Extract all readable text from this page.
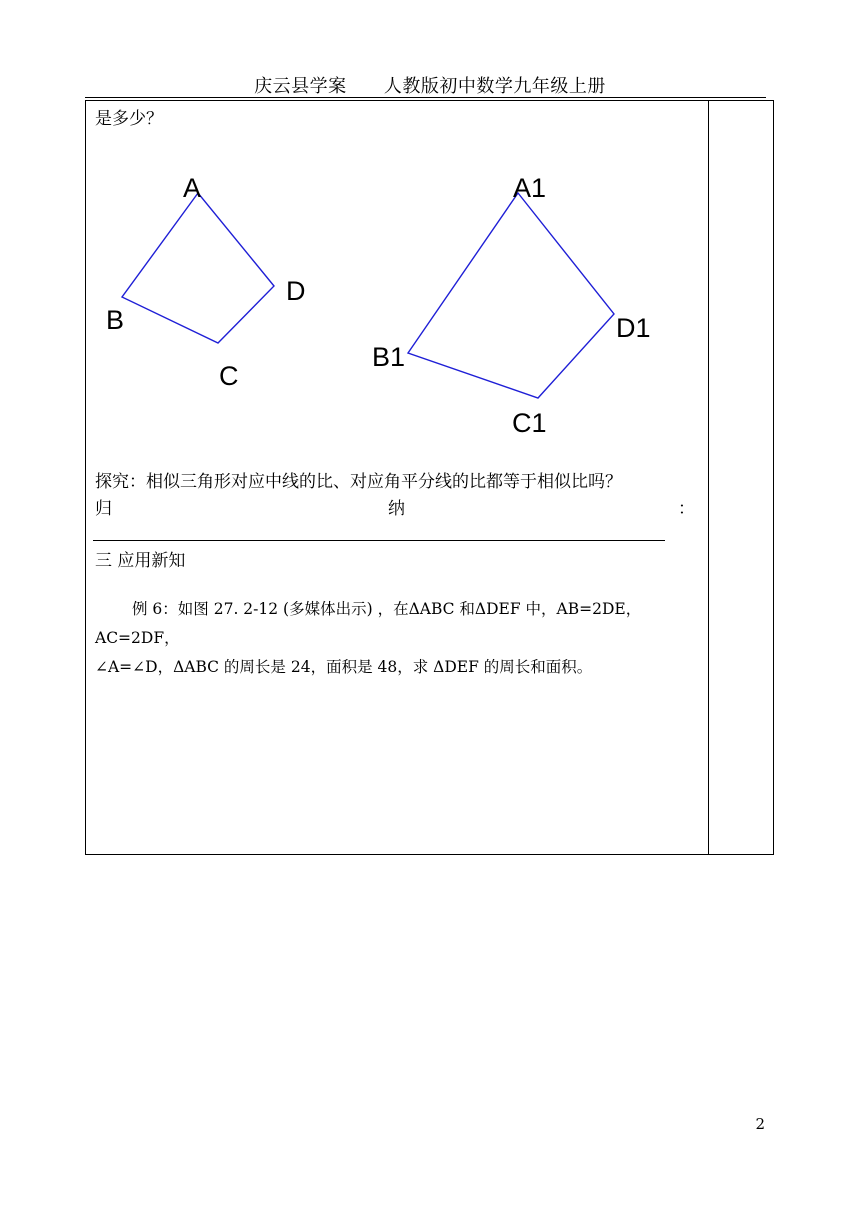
庆云县学案      人教版初中数学九年级上册
是多少？
A
B
C
D
A1
B1
C1
D1
探究：相似三角形对应中线的比、对应角平分线的比都等于相似比吗？
归	纳	：
三 应用新知
例 6：如图 27. 2-12 (多媒体出示) ，在ΔABC 和ΔDEF 中，AB=2DE，AC=2DF，
∠A=∠D，ΔABC 的周长是 24，面积是 48，求 ΔDEF 的周长和面积。
2
